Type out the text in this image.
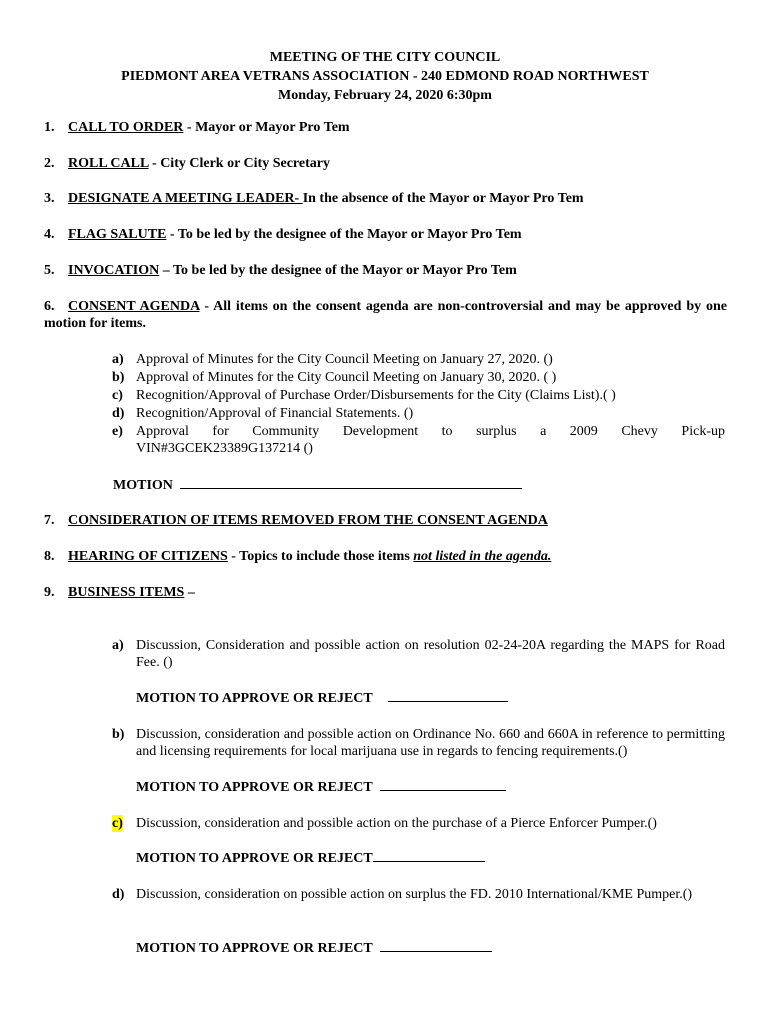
MEETING OF THE CITY COUNCIL
PIEDMONT AREA VETRANS ASSOCIATION - 240 EDMOND ROAD NORTHWEST
Monday, February 24, 2020 6:30pm
1. CALL TO ORDER - Mayor or Mayor Pro Tem
2. ROLL CALL - City Clerk or City Secretary
3. DESIGNATE A MEETING LEADER- In the absence of the Mayor or Mayor Pro Tem
4. FLAG SALUTE - To be led by the designee of the Mayor or Mayor Pro Tem
5. INVOCATION – To be led by the designee of the Mayor or Mayor Pro Tem
6. CONSENT AGENDA - All items on the consent agenda are non-controversial and may be approved by one motion for items.
a) Approval of Minutes for the City Council Meeting on January 27, 2020. ()
b) Approval of Minutes for the City Council Meeting on January 30, 2020. ( )
c) Recognition/Approval of Purchase Order/Disbursements for the City (Claims List).( )
d) Recognition/Approval of Financial Statements. ()
e) Approval for Community Development to surplus a 2009 Chevy Pick-up
VIN#3GCEK23389G137214 ()
MOTION
7. CONSIDERATION OF ITEMS REMOVED FROM THE CONSENT AGENDA
8. HEARING OF CITIZENS - Topics to include those items not listed in the agenda.
9. BUSINESS ITEMS –
a) Discussion, Consideration and possible action on resolution 02-24-20A regarding the MAPS for Road Fee. ()
MOTION TO APPROVE OR REJECT
b) Discussion, consideration and possible action on Ordinance No. 660 and 660A in reference to permitting and licensing requirements for local marijuana use in regards to fencing requirements.()
MOTION TO APPROVE OR REJECT
c) Discussion, consideration and possible action on the purchase of a Pierce Enforcer Pumper.()
MOTION TO APPROVE OR REJECT
d) Discussion, consideration on possible action on surplus the FD. 2010 International/KME Pumper.()
MOTION TO APPROVE OR REJECT
